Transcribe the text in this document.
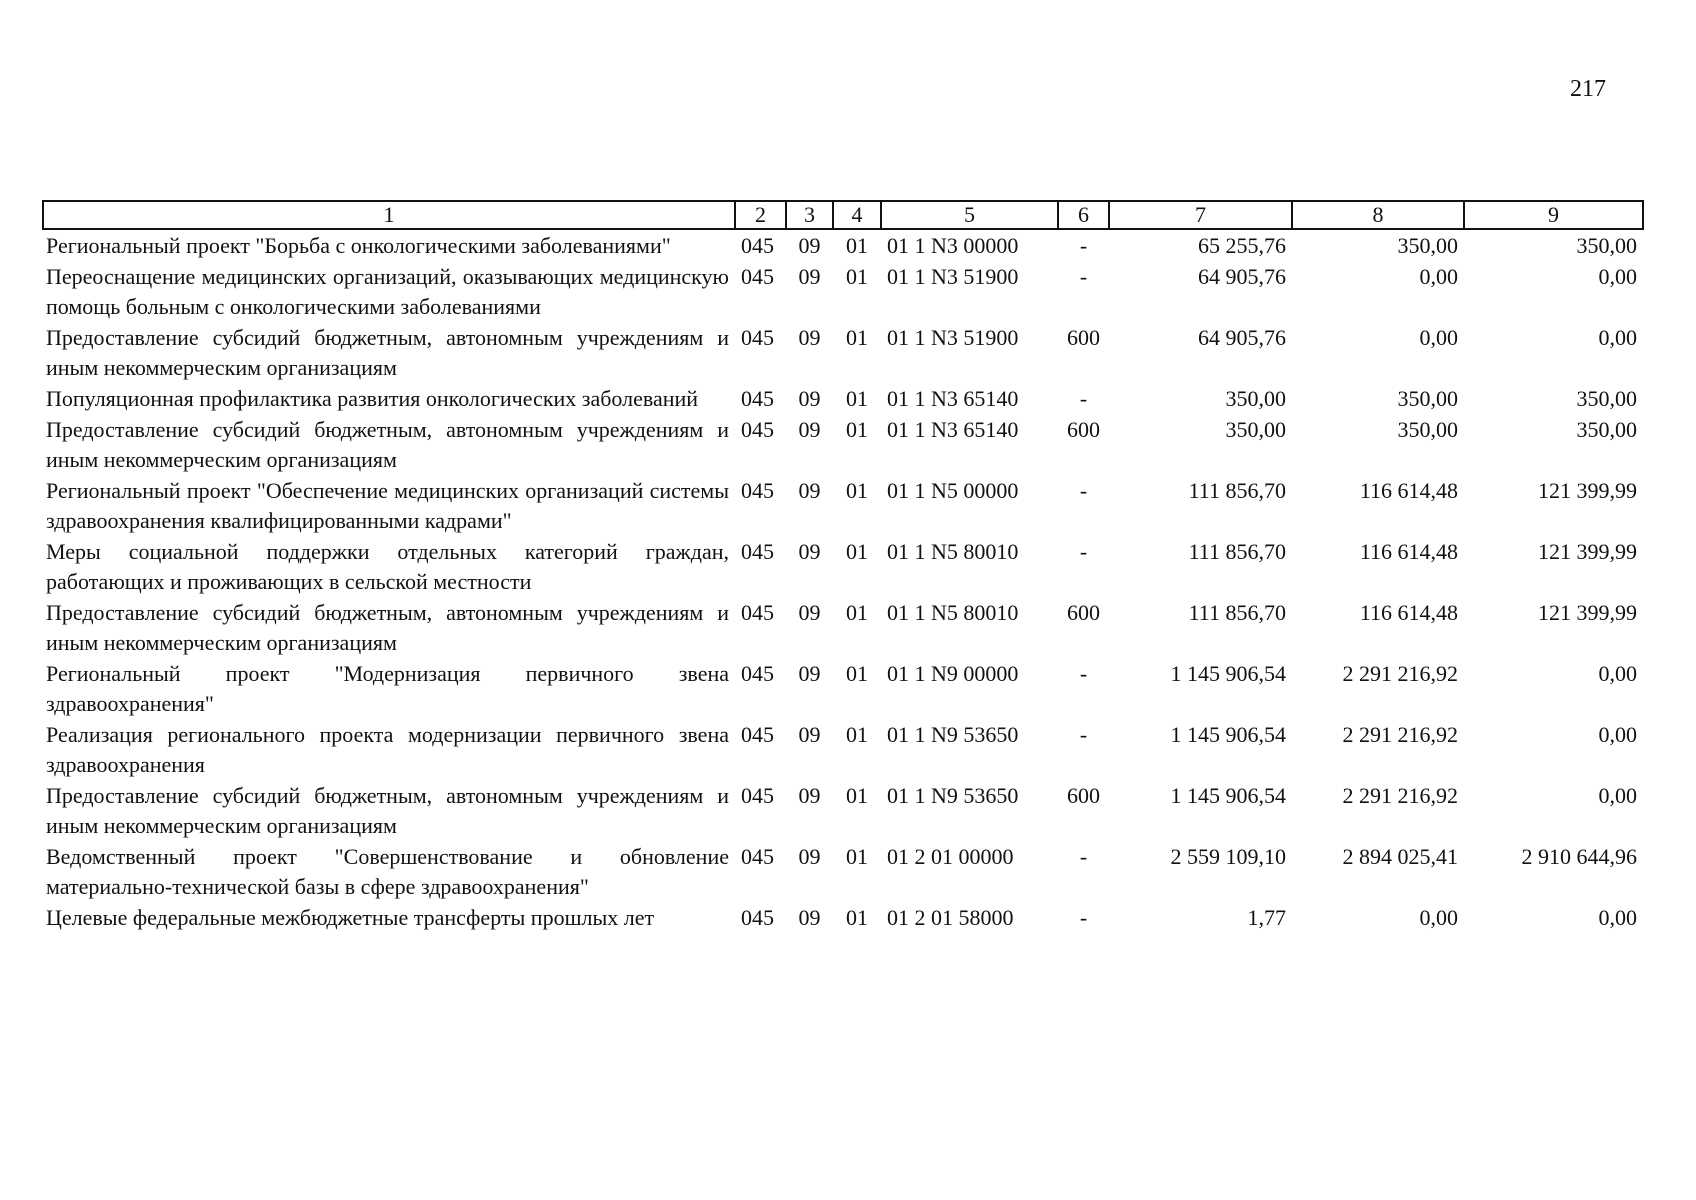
217
1	2	3	4	5	6	7	8	9
Региональный проект "Борьба с онкологическими заболеваниями"	045	09	01	01 1 N3 00000	-	65 255,76	350,00	350,00
Переоснащение медицинских организаций, оказывающих медицинскую помощь больным с онкологическими заболеваниями	045	09	01	01 1 N3 51900	-	64 905,76	0,00	0,00
Предоставление субсидий бюджетным, автономным учреждениям и иным некоммерческим организациям	045	09	01	01 1 N3 51900	600	64 905,76	0,00	0,00
Популяционная профилактика развития онкологических заболеваний	045	09	01	01 1 N3 65140	-	350,00	350,00	350,00
Предоставление субсидий бюджетным, автономным учреждениям и иным некоммерческим организациям	045	09	01	01 1 N3 65140	600	350,00	350,00	350,00
Региональный проект "Обеспечение медицинских организаций системы здравоохранения квалифицированными кадрами"	045	09	01	01 1 N5 00000	-	111 856,70	116 614,48	121 399,99
Меры социальной поддержки отдельных категорий граждан, работающих и проживающих в сельской местности	045	09	01	01 1 N5 80010	-	111 856,70	116 614,48	121 399,99
Предоставление субсидий бюджетным, автономным учреждениям и иным некоммерческим организациям	045	09	01	01 1 N5 80010	600	111 856,70	116 614,48	121 399,99
Региональный проект "Модернизация первичного звена здравоохранения"	045	09	01	01 1 N9 00000	-	1 145 906,54	2 291 216,92	0,00
Реализация регионального проекта модернизации первичного звена здравоохранения	045	09	01	01 1 N9 53650	-	1 145 906,54	2 291 216,92	0,00
Предоставление субсидий бюджетным, автономным учреждениям и иным некоммерческим организациям	045	09	01	01 1 N9 53650	600	1 145 906,54	2 291 216,92	0,00
Ведомственный проект "Совершенствование и обновление материально-технической базы в сфере здравоохранения"	045	09	01	01 2 01 00000	-	2 559 109,10	2 894 025,41	2 910 644,96
Целевые федеральные межбюджетные трансферты прошлых лет	045	09	01	01 2 01 58000	-	1,77	0,00	0,00
